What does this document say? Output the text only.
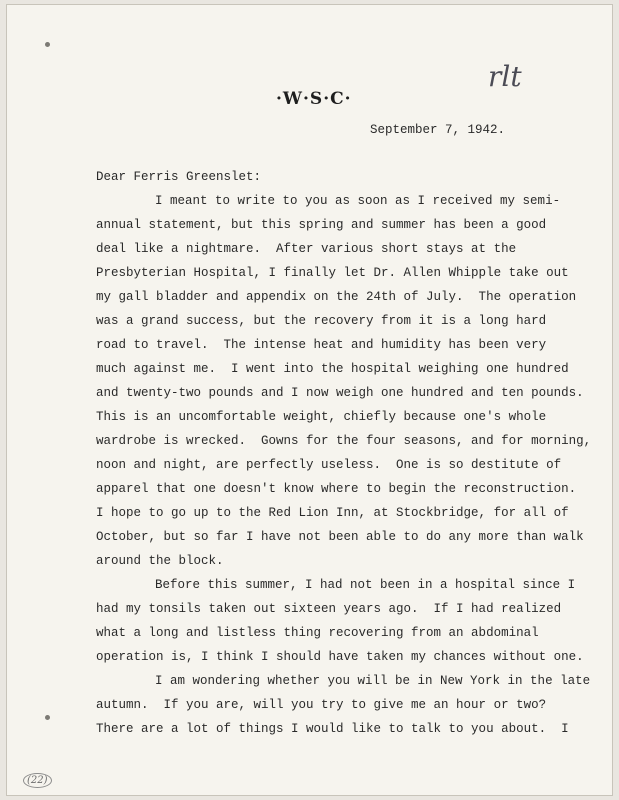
·W·S·C·
rlt
September 7, 1942.
Dear Ferris Greenslet:
I meant to write to you as soon as I received my semi-
annual statement, but this spring and summer has been a good
deal like a nightmare.  After various short stays at the
Presbyterian Hospital, I finally let Dr. Allen Whipple take out
my gall bladder and appendix on the 24th of July.  The operation
was a grand success, but the recovery from it is a long hard
road to travel.  The intense heat and humidity has been very
much against me.  I went into the hospital weighing one hundred
and twenty-two pounds and I now weigh one hundred and ten pounds.
This is an uncomfortable weight, chiefly because one's whole
wardrobe is wrecked.  Gowns for the four seasons, and for morning,
noon and night, are perfectly useless.  One is so destitute of
apparel that one doesn't know where to begin the reconstruction.
I hope to go up to the Red Lion Inn, at Stockbridge, for all of
October, but so far I have not been able to do any more than walk
around the block.
Before this summer, I had not been in a hospital since I
had my tonsils taken out sixteen years ago.  If I had realized
what a long and listless thing recovering from an abdominal
operation is, I think I should have taken my chances without one.
I am wondering whether you will be in New York in the late
autumn.  If you are, will you try to give me an hour or two?
There are a lot of things I would like to talk to you about.  I
(22)
